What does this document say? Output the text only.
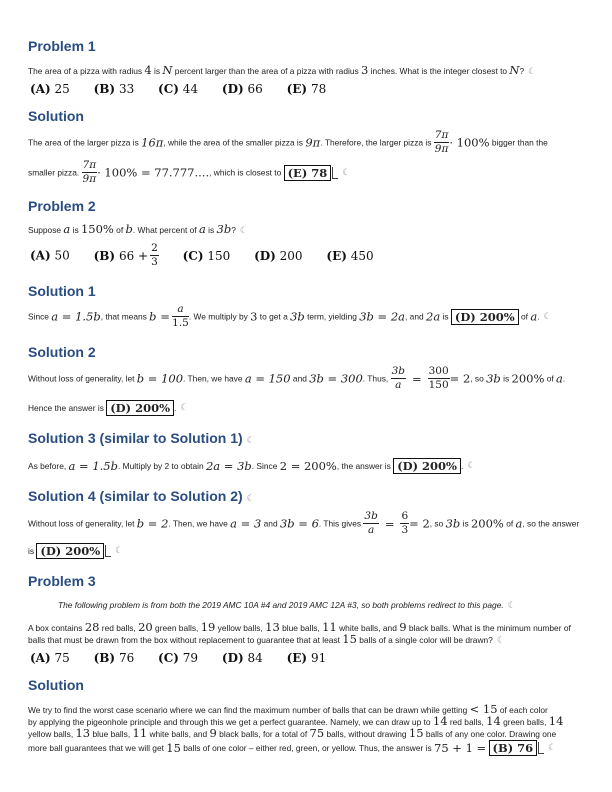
Problem 1
The area of a pizza with radius 4 is N percent larger than the area of a pizza with radius 3 inches. What is the integer closest to N? ☾
(A) 25 (B) 33 (C) 44 (D) 66 (E) 78
Solution
The area of the larger pizza is 16π, while the area of the smaller pizza is 9π. Therefore, the larger pizza is $\frac{7\pi}{9\pi} \cdot 100\%$ bigger than the
smaller pizza. $\frac{7\pi}{9\pi} \cdot 100\% = 77.777$...., which is closest to (E) 78 ☾
Problem 2
Suppose a is 150% of b. What percent of a is 3b? ☾
(A) 50 (B) $66 + \frac{2}{3} (C)$ 150 (D) 200 (E) 450
Solution 1
Since a = 1.5b, that means $b = \frac{a}{1.5}$ . We multiply by 3 to get a 3b term, yielding 3b = 2a, and 2a is (D) 200% of a. ☾
Solution 2
Without loss of generality, let b = 100. Then, we have a = 150 and 3b = 300. Thus, $\frac{3b}{a} = \frac{300}{150} = 2$, so 3b is 200% of a.
Hence the answer is (D) 200% . ☾
Solution 3 (similar to Solution 1) ☾
As before, a = 1.5b. Multiply by 2 to obtain 2a = 3b. Since 2 = 200%, the answer is (D) 200% . ☾
Solution 4 (similar to Solution 2) ☾
Without loss of generality, let b = 2. Then, we have a = 3 and 3b = 6. This gives $\frac{3b}{a} = \frac{6}{3} = 2$, so 3b is 200% of a, so the answer
is (D) 200% ☾
Problem 3
The following problem is from both the 2019 AMC 10A #4 and 2019 AMC 12A #3, so both problems redirect to this page. ☾
A box contains 28 red balls, 20 green balls, 19 yellow balls, 13 blue balls, 11 white balls, and 9 black balls. What is the minimum number of
balls that must be drawn from the box without replacement to guarantee that at least 15 balls of a single color will be drawn? ☾
(A) 75 (B) 76 (C) 79 (D) 84 (E) 91
Solution
We try to find the worst case scenario where we can find the maximum number of balls that can be drawn while getting < 15 of each color
by applying the pigeonhole principle and through this we get a perfect guarantee. Namely, we can draw up to 14 red balls, 14 green balls, 14
yellow balls, 13 blue balls, 11 white balls, and 9 black balls, for a total of 75 balls, without drawing 15 balls of any one color. Drawing one
more ball guarantees that we will get 15 balls of one color – either red, green, or yellow. Thus, the answer is 75 + 1 = (B) 76 ☾
